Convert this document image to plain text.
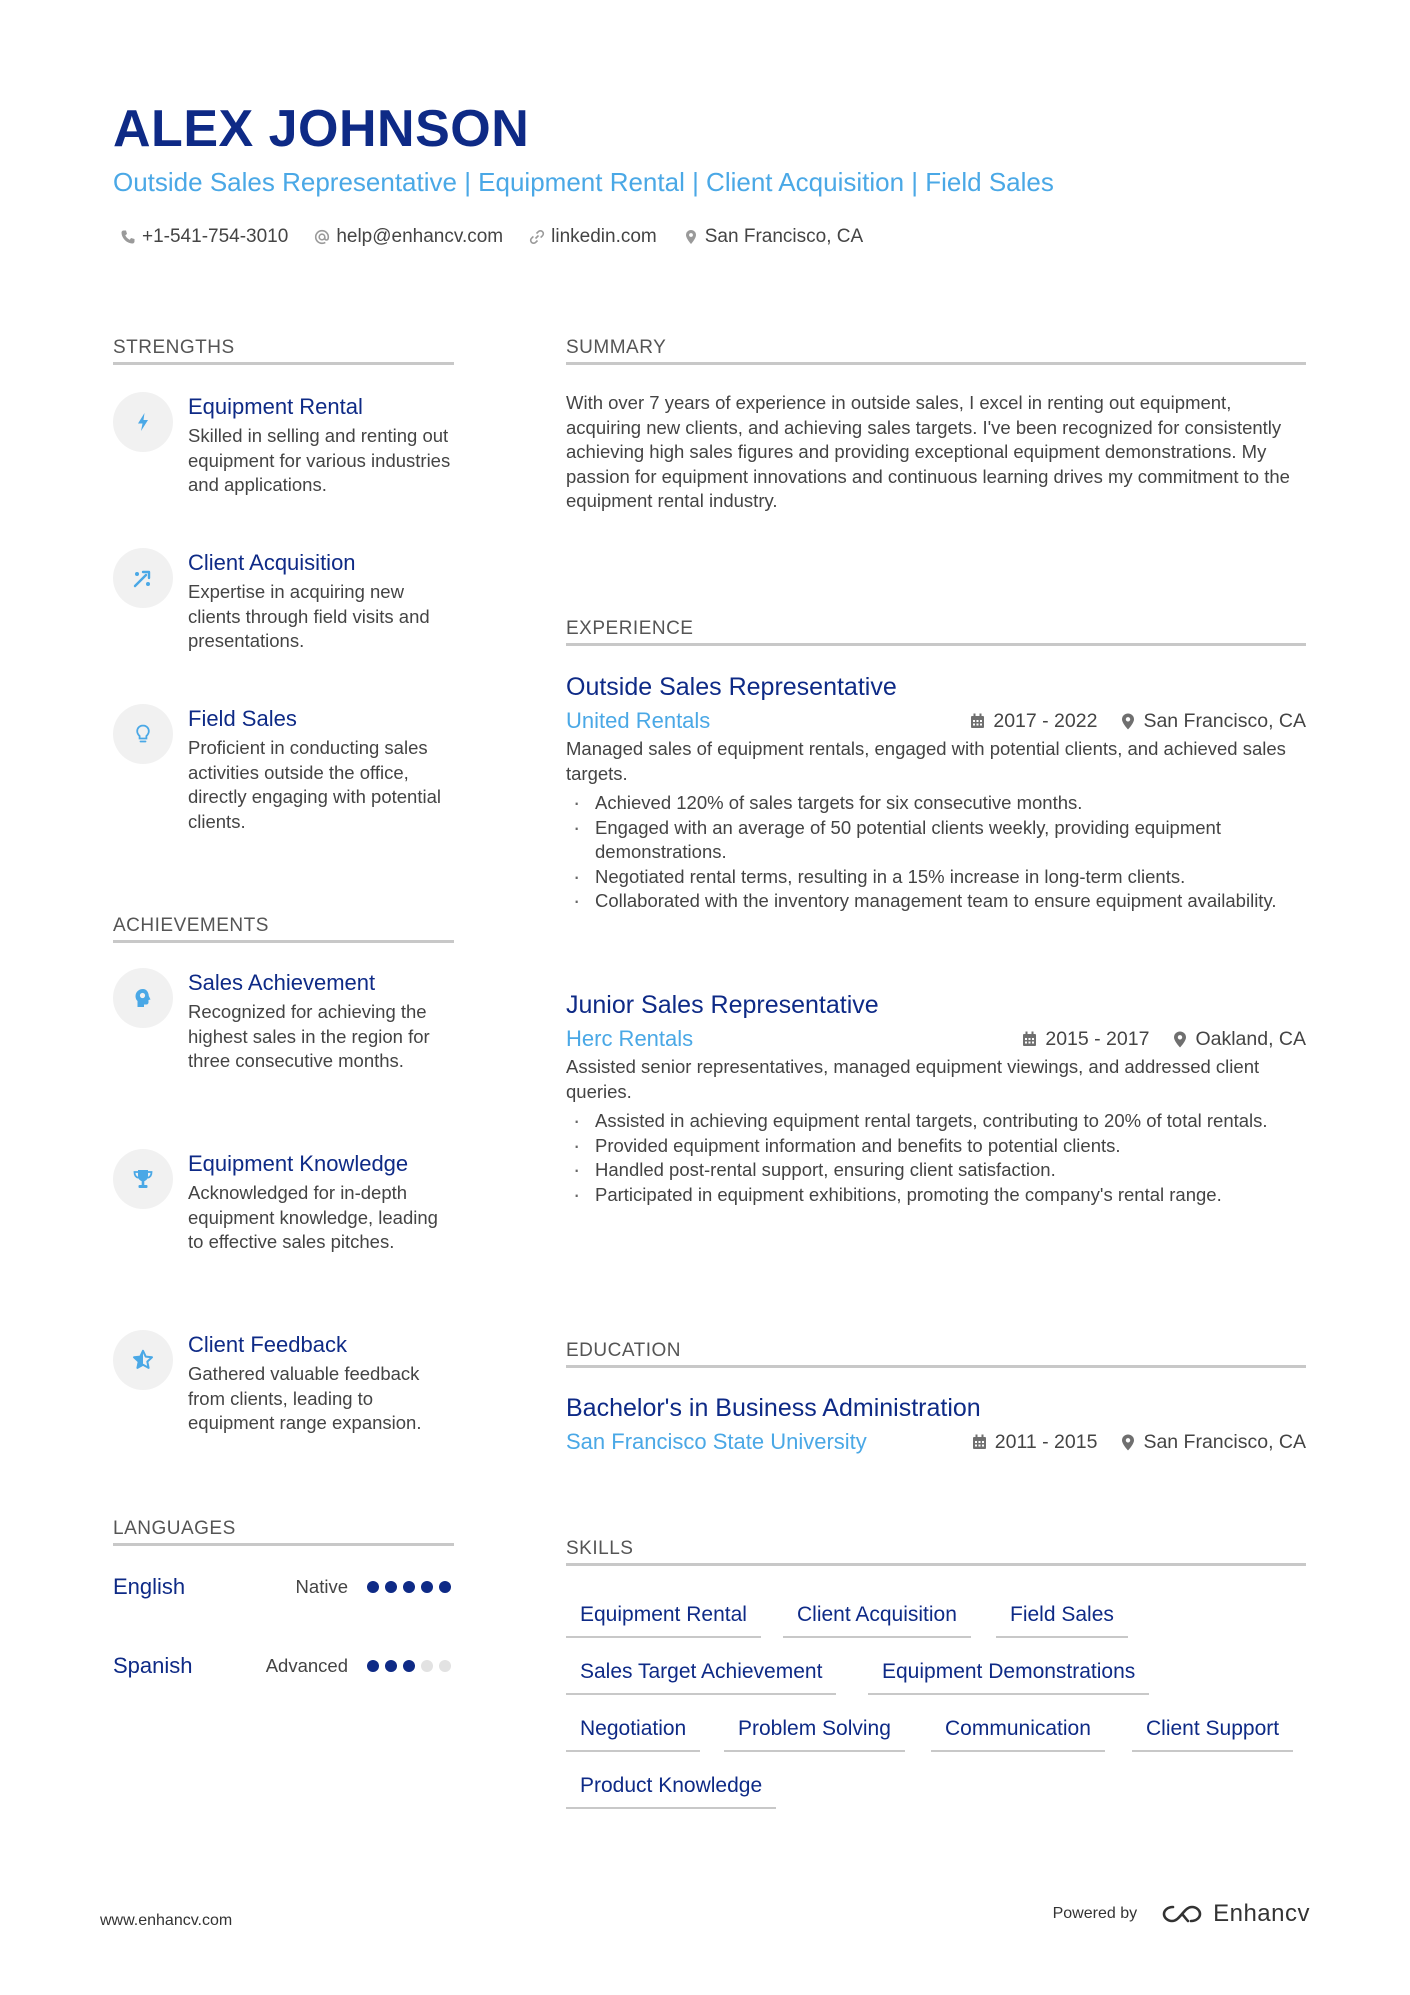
ALEX JOHNSON
Outside Sales Representative | Equipment Rental | Client Acquisition | Field Sales
+1-541-754-3010	help@enhancv.com	linkedin.com	San Francisco, CA
STRENGTHS
Equipment Rental
Skilled in selling and renting out equipment for various industries and applications.
Client Acquisition
Expertise in acquiring new clients through field visits and presentations.
Field Sales
Proficient in conducting sales activities outside the office, directly engaging with potential clients.
ACHIEVEMENTS
Sales Achievement
Recognized for achieving the highest sales in the region for three consecutive months.
Equipment Knowledge
Acknowledged for in-depth equipment knowledge, leading to effective sales pitches.
Client Feedback
Gathered valuable feedback from clients, leading to equipment range expansion.
LANGUAGES
English	Native
Spanish	Advanced
SUMMARY
With over 7 years of experience in outside sales, I excel in renting out equipment, acquiring new clients, and achieving sales targets. I've been recognized for consistently achieving high sales figures and providing exceptional equipment demonstrations. My passion for equipment innovations and continuous learning drives my commitment to the equipment rental industry.
EXPERIENCE
Outside Sales Representative
United Rentals	2017 - 2022 San Francisco, CA
Managed sales of equipment rentals, engaged with potential clients, and achieved sales targets.
· Achieved 120% of sales targets for six consecutive months.
· Engaged with an average of 50 potential clients weekly, providing equipment demonstrations.
· Negotiated rental terms, resulting in a 15% increase in long-term clients.
· Collaborated with the inventory management team to ensure equipment availability.
Junior Sales Representative
Herc Rentals	2015 - 2017 Oakland, CA
Assisted senior representatives, managed equipment viewings, and addressed client queries.
· Assisted in achieving equipment rental targets, contributing to 20% of total rentals.
· Provided equipment information and benefits to potential clients.
· Handled post-rental support, ensuring client satisfaction.
· Participated in equipment exhibitions, promoting the company's rental range.
EDUCATION
Bachelor's in Business Administration
San Francisco State University	2011 - 2015 San Francisco, CA
SKILLS
Equipment Rental	Client Acquisition	Field Sales
Sales Target Achievement	Equipment Demonstrations
Negotiation	Problem Solving	Communication	Client Support
Product Knowledge
www.enhancv.com	Powered by	Enhancv
